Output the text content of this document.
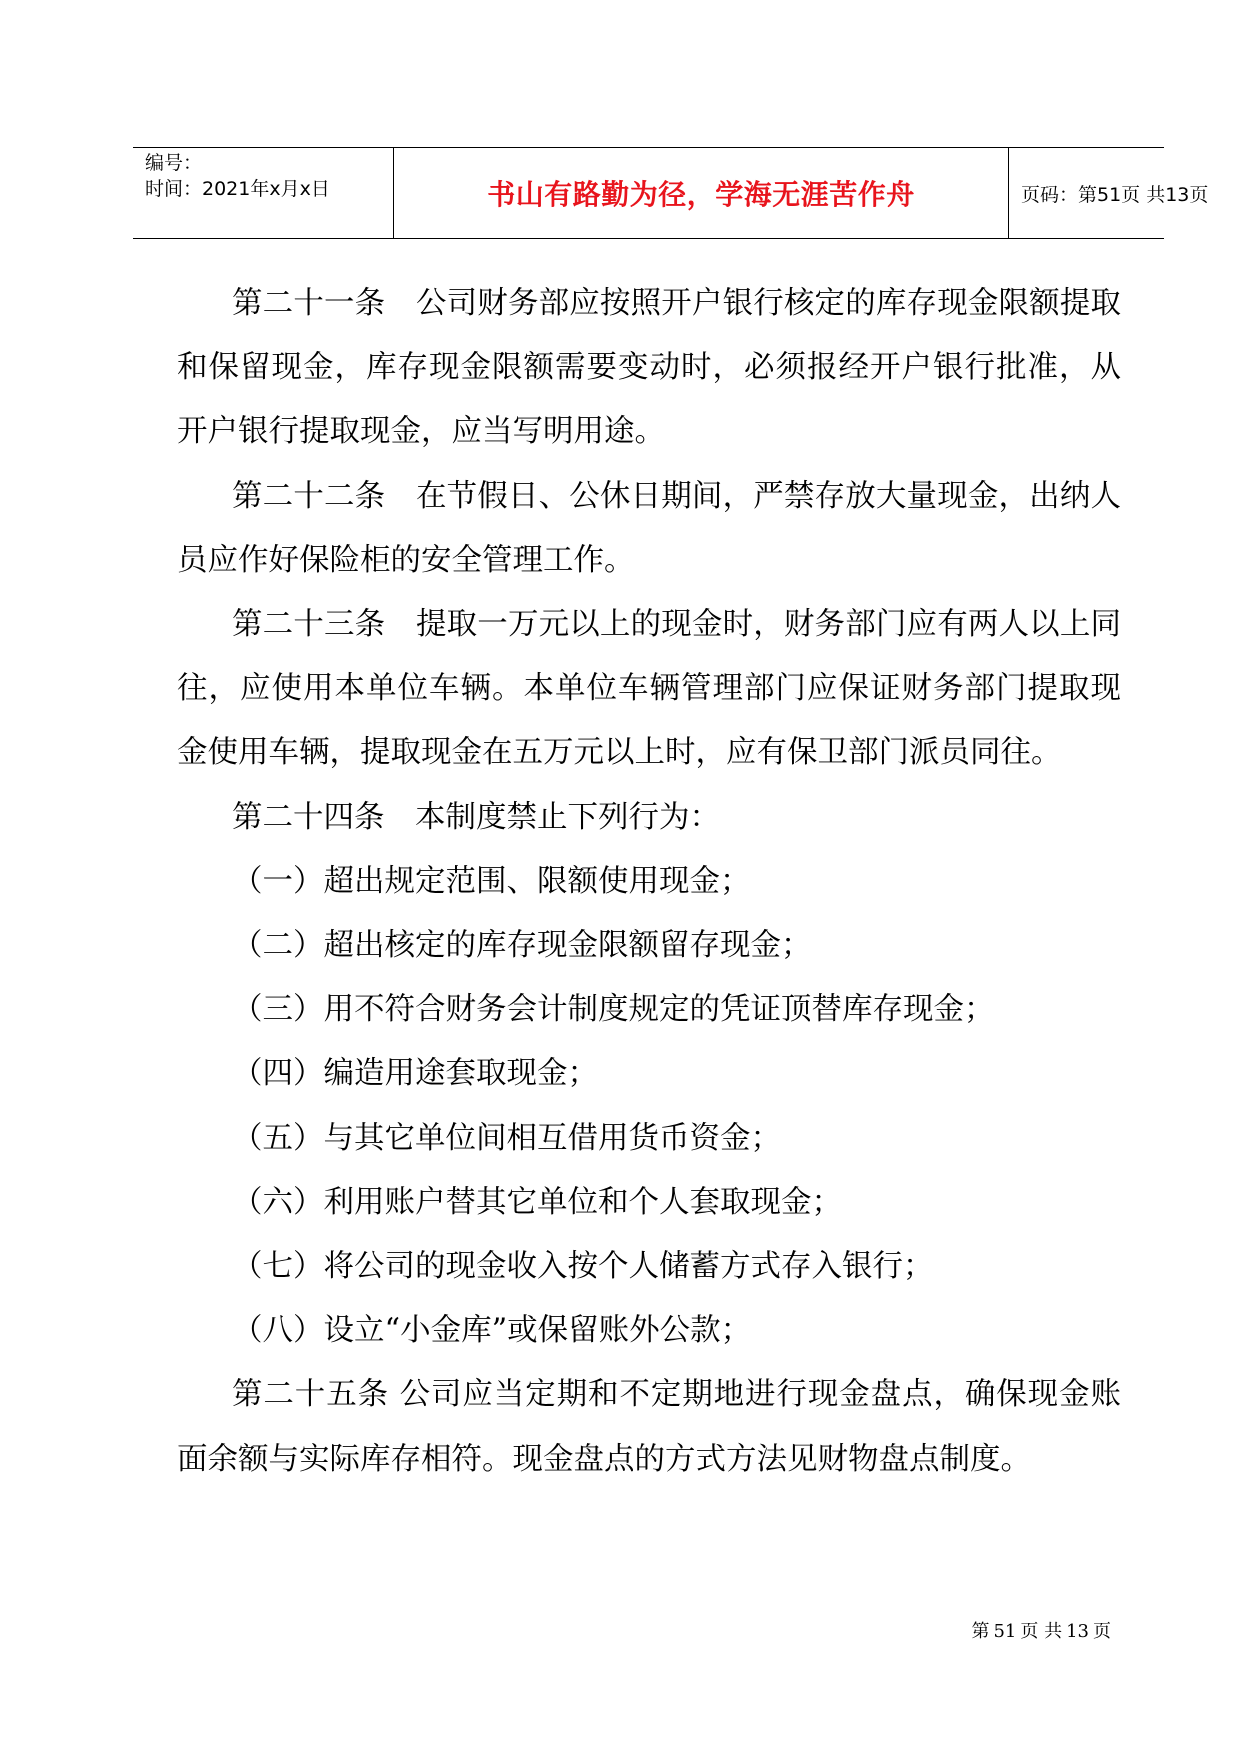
编号：
时间：2021年x月x日	书山有路勤为径，学海无涯苦作舟	页码：第51页 共13页

第二十一条　公司财务部应按照开户银行核定的库存现金限额提取和保留现金，库存现金限额需要变动时，必须报经开户银行批准，从开户银行提取现金，应当写明用途。

第二十二条　在节假日、公休日期间，严禁存放大量现金，出纳人员应作好保险柜的安全管理工作。

第二十三条　提取一万元以上的现金时，财务部门应有两人以上同往，应使用本单位车辆。本单位车辆管理部门应保证财务部门提取现金使用车辆，提取现金在五万元以上时，应有保卫部门派员同往。

第二十四条　本制度禁止下列行为：

（一）超出规定范围、限额使用现金；

（二）超出核定的库存现金限额留存现金；

（三）用不符合财务会计制度规定的凭证顶替库存现金；

（四）编造用途套取现金；

（五）与其它单位间相互借用货币资金；

（六）利用账户替其它单位和个人套取现金；

（七）将公司的现金收入按个人储蓄方式存入银行；

（八）设立“小金库”或保留账外公款；

第二十五条 公司应当定期和不定期地进行现金盘点，确保现金账面余额与实际库存相符。现金盘点的方式方法见财物盘点制度。

第 51 页 共 13 页
